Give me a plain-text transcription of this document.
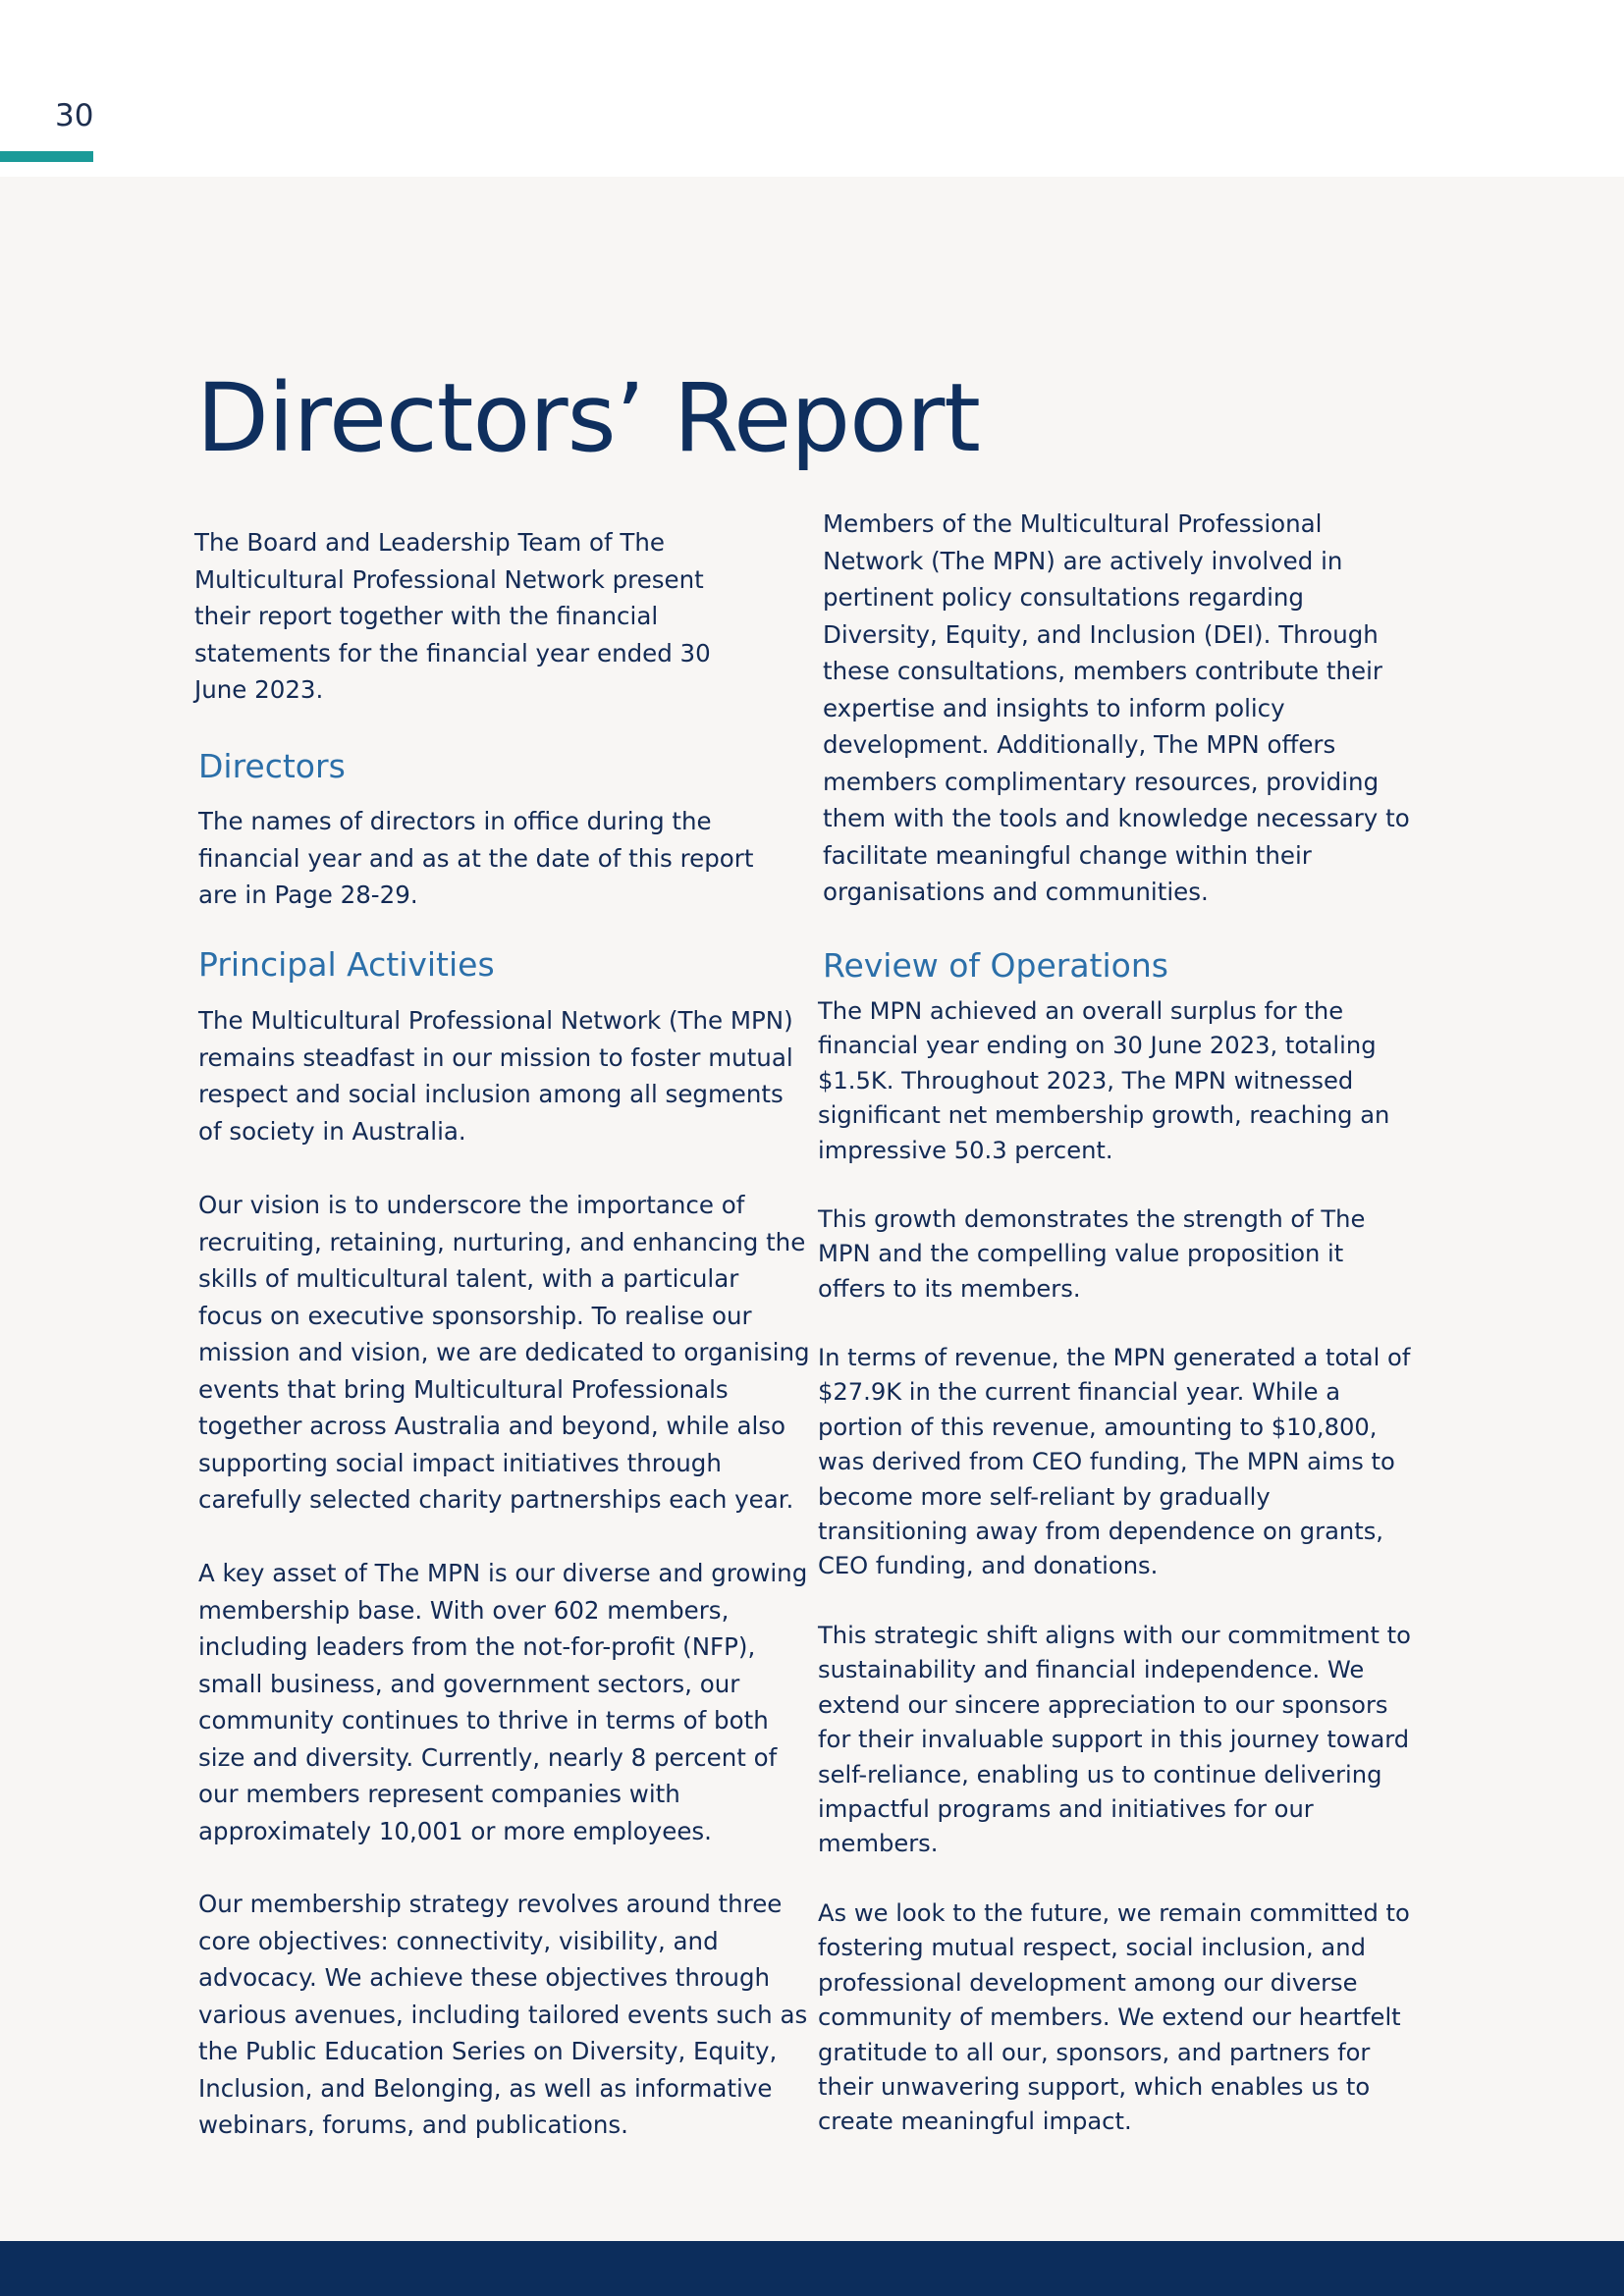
30
Directors’ Report

The Board and Leadership Team of The
Multicultural Professional Network present
their report together with the financial
statements for the financial year ended 30
June 2023.

Directors

The names of directors in office during the
financial year and as at the date of this report
are in Page 28-29.

Principal Activities

The Multicultural Professional Network (The MPN)
remains steadfast in our mission to foster mutual
respect and social inclusion among all segments
of society in Australia.

Our vision is to underscore the importance of
recruiting, retaining, nurturing, and enhancing the
skills of multicultural talent, with a particular
focus on executive sponsorship. To realise our
mission and vision, we are dedicated to organising
events that bring Multicultural Professionals
together across Australia and beyond, while also
supporting social impact initiatives through
carefully selected charity partnerships each year.

A key asset of The MPN is our diverse and growing
membership base. With over 602 members,
including leaders from the not-for-profit (NFP),
small business, and government sectors, our
community continues to thrive in terms of both
size and diversity. Currently, nearly 8 percent of
our members represent companies with
approximately 10,001 or more employees.

Our membership strategy revolves around three
core objectives: connectivity, visibility, and
advocacy. We achieve these objectives through
various avenues, including tailored events such as
the Public Education Series on Diversity, Equity,
Inclusion, and Belonging, as well as informative
webinars, forums, and publications.

Members of the Multicultural Professional
Network (The MPN) are actively involved in
pertinent policy consultations regarding
Diversity, Equity, and Inclusion (DEI). Through
these consultations, members contribute their
expertise and insights to inform policy
development. Additionally, The MPN offers
members complimentary resources, providing
them with the tools and knowledge necessary to
facilitate meaningful change within their
organisations and communities.

Review of Operations

The MPN achieved an overall surplus for the
financial year ending on 30 June 2023, totaling
$1.5K. Throughout 2023, The MPN witnessed
significant net membership growth, reaching an
impressive 50.3 percent.

This growth demonstrates the strength of The
MPN and the compelling value proposition it
offers to its members.

In terms of revenue, the MPN generated a total of
$27.9K in the current financial year. While a
portion of this revenue, amounting to $10,800,
was derived from CEO funding, The MPN aims to
become more self-reliant by gradually
transitioning away from dependence on grants,
CEO funding, and donations.

This strategic shift aligns with our commitment to
sustainability and financial independence. We
extend our sincere appreciation to our sponsors
for their invaluable support in this journey toward
self-reliance, enabling us to continue delivering
impactful programs and initiatives for our
members.

As we look to the future, we remain committed to
fostering mutual respect, social inclusion, and
professional development among our diverse
community of members. We extend our heartfelt
gratitude to all our, sponsors, and partners for
their unwavering support, which enables us to
create meaningful impact.
